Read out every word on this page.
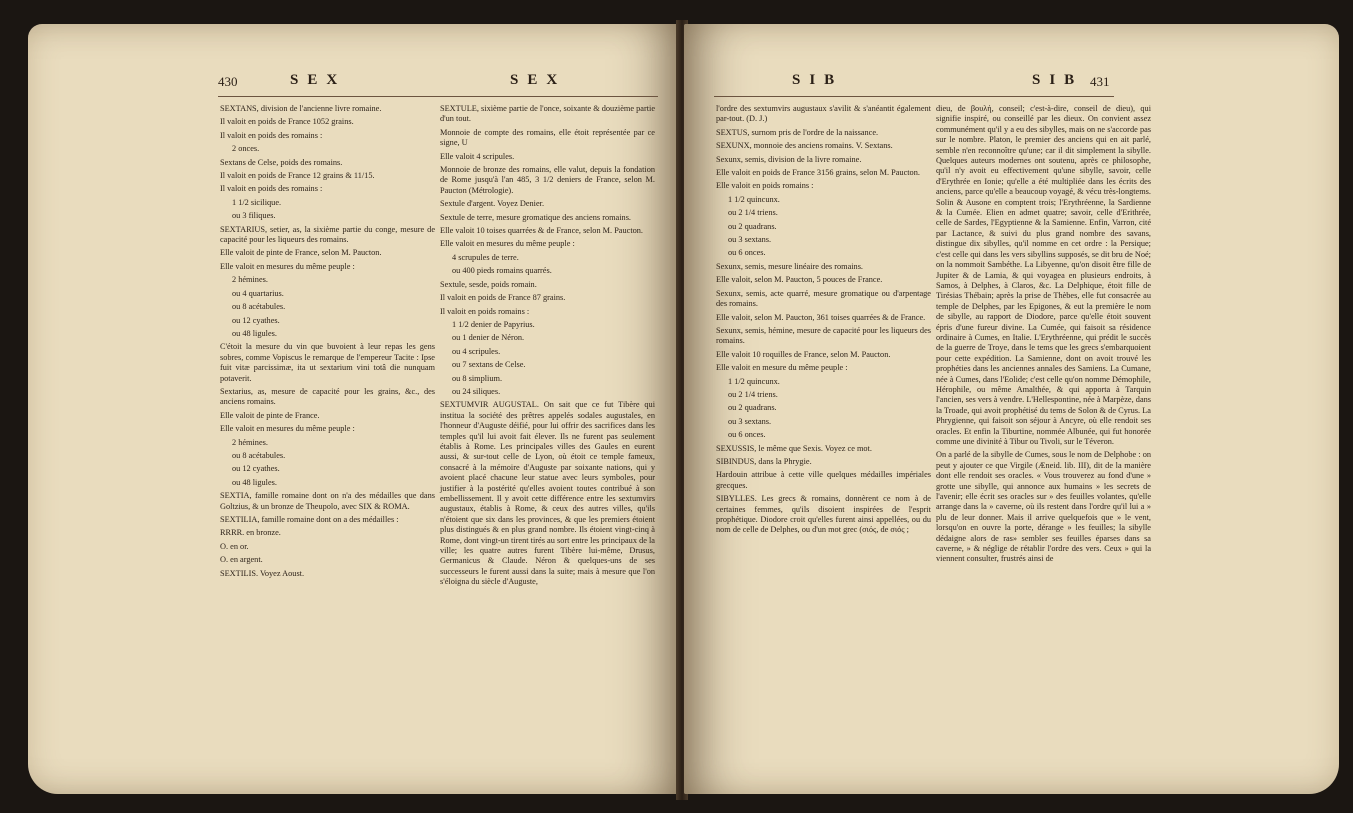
430	SEX	SEX

SEXTANS, division de l'ancienne livre romaine.

Il valoit en poids de France 1052 grains.

Il valoit en poids des romains :

2 onces.

Sextans de Celse, poids des romains.

Il valoit en poids de France 12 grains & 11/15.

Il valoit en poids des romains :

1 1/2 sicilique.

ou 3 filiques.

SEXTARIUS, setier, as, la sixième partie du conge, mesure de capacité pour les liqueurs des romains.

Elle valoit de pinte de France, selon M. Paucton.

Elle valoit en mesures du même peuple :

2 hémines.

ou 4 quartarius.

ou 8 acétabules.

ou 12 cyathes.

ou 48 ligules.

C'étoit la mesure du vin que buvoient à leur repas les gens sobres, comme Vopiscus le remarque de l'empereur Tacite : Ipse fuit vitæ parcissimæ, ita ut sextarium vini totâ die nunquam potaverit.

Sextarius, as, mesure de capacité pour les grains, &c., des anciens romains.

Elle valoit de pinte de France.

Elle valoit en mesures du même peuple :

2 hémines.

ou 8 acétabules.

ou 12 cyathes.

ou 48 ligules.

SEXTIA, famille romaine dont on n'a des médailles que dans Goltzius, & un bronze de Theupolo, avec SIX & ROMA.

SEXTILIA, famille romaine dont on a des médailles :

RRRR. en bronze.

O. en or.

O. en argent.

SEXTILIS. Voyez Aoust.

SEXTULE, sixième partie de l'once, soixante & douzième partie d'un tout.

Monnoie de compte des romains, elle étoit représentée par ce signe, U

Elle valoit 4 scripules.

Monnoie de bronze des romains, elle valut, depuis la fondation de Rome jusqu'à l'an 485, 3 1/2 deniers de France, selon M. Paucton (Métrologie).

Sextule d'argent. Voyez Denier.

Sextule de terre, mesure gromatique des anciens romains.

Elle valoit 10 toises quarrées & de France, selon M. Paucton.

Elle valoit en mesures du même peuple :

4 scrupules de terre.

ou 400 pieds romains quarrés.

Sextule, sesde, poids romain.

Il valoit en poids de France 87 grains.

Il valoit en poids romains :

1 1/2 denier de Papyrius.

ou 1 denier de Néron.

ou 4 scripules.

ou 7 sextans de Celse.

ou 8 simplium.

ou 24 siliques.

SEXTUMVIR AUGUSTAL. On sait que ce fut Tibère qui institua la société des prêtres appelés sodales augustales, en l'honneur d'Auguste déifié, pour lui offrir des sacrifices dans les temples qu'il lui avoit fait élever. Ils ne furent pas seulement établis à Rome. Les principales villes des Gaules en eurent aussi, & sur-tout celle de Lyon, où étoit ce temple fameux, consacré à la mémoire d'Auguste par soixante nations, qui y avoient placé chacune leur statue avec leurs symboles, pour justifier à la postérité qu'elles avoient toutes contribué à son embellissement. Il y avoit cette différence entre les sextumvirs augustaux, établis à Rome, & ceux des autres villes, qu'ils n'étoient que six dans les provinces, & que les premiers étoient plus distingués & en plus grand nombre. Ils étoient vingt-cinq à Rome, dont vingt-un tirent tirés au sort entre les principaux de la ville; les quatre autres furent Tibère lui-même, Drusus, Germanicus & Claude. Néron & quelques-uns de ses successeurs le furent aussi dans la suite; mais à mesure que l'on s'éloigna du siècle d'Auguste,

SIB	SIB 431

l'ordre des sextumvirs augustaux s'avilit & s'anéantit également par-tout. (D. J.)

SEXTUS, surnom pris de l'ordre de la naissance.

SEXUNX, monnoie des anciens romains. V. Sextans.

Sexunx, semis, division de la livre romaine.

Elle valoit en poids de France 3156 grains, selon M. Paucton.

Elle valoit en poids romains :

1 1/2 quincunx.

ou 2 1/4 triens.

ou 2 quadrans.

ou 3 sextans.

ou 6 onces.

Sexunx, semis, mesure linéaire des romains.

Elle valoit, selon M. Paucton, 5 pouces de France.

Sexunx, semis, acte quarré, mesure gromatique ou d'arpentage des romains.

Elle valoit, selon M. Paucton, 361 toises quarrées & de France.

Sexunx, semis, hémine, mesure de capacité pour les liqueurs des romains.

Elle valoit 10 roquilles de France, selon M. Paucton.

Elle valoit en mesure du même peuple :

1 1/2 quincunx.

ou 2 1/4 triens.

ou 2 quadrans.

ou 3 sextans.

ou 6 onces.

SEXUSSIS, le même que Sexis. Voyez ce mot.

SIBINDUS, dans la Phrygie.

Hardouin attribue à cette ville quelques médailles impériales grecques.

SIBYLLES. Les grecs & romains, donnèrent ce nom à de certaines femmes, qu'ils disoient inspirées de l'esprit prophétique. Diodore croit qu'elles furent ainsi appellées, ou du nom de celle de Delphes, ou d'un mot grec (σιός, de σιός ;

dieu, de βουλή, conseil; c'est-à-dire, conseil de dieu), qui signifie inspiré, ou conseillé par les dieux. On convient assez communément qu'il y a eu des sibylles, mais on ne s'accorde pas sur le nombre. Platon, le premier des anciens qui en ait parlé, semble n'en reconnoître qu'une; car il dit simplement la sibylle. Quelques auteurs modernes ont soutenu, après ce philosophe, qu'il n'y avoit eu effectivement qu'une sibylle, savoir, celle d'Erythrée en Ionie; qu'elle a été multipliée dans les écrits des anciens, parce qu'elle a beaucoup voyagé, & vécu très-longtems. Solin & Ausone en comptent trois; l'Erythréenne, la Sardienne & la Cumée. Elien en admet quatre; savoir, celle d'Erithrée, celle de Sardes, l'Egyptienne & la Samienne. Enfin, Varron, cité par Lactance, & suivi du plus grand nombre des savans, distingue dix sibylles, qu'il nomme en cet ordre : la Persique; c'est celle qui dans les vers sibyllins supposés, se dit bru de Noé; on la nommoit Sambéthe. La Libyenne, qu'on disoit être fille de Jupiter & de Lamia, & qui voyagea en plusieurs endroits, à Samos, à Delphes, à Claros, &c. La Delphique, étoit fille de Tirésias Thébain; après la prise de Thèbes, elle fut consacrée au temple de Delphes, par les Epigones, & eut la première le nom de sibylle, au rapport de Diodore, parce qu'elle étoit souvent épris d'une fureur divine. La Cumée, qui faisoit sa résidence ordinaire à Cumes, en Italie. L'Erythréenne, qui prédit le succès de la guerre de Troye, dans le tems que les grecs s'embarquoient pour cette expédition. La Samienne, dont on avoit trouvé les prophéties dans les anciennes annales des Samiens. La Cumane, née à Cumes, dans l'Eolide; c'est celle qu'on nomme Démophile, Hérophile, ou même Amalthée, & qui apporta à Tarquin l'ancien, ses vers à vendre. L'Hellespontine, née à Marpèze, dans la Troade, qui avoit prophétisé du tems de Solon & de Cyrus. La Phrygienne, qui faisoit son séjour à Ancyre, où elle rendoit ses oracles. Et enfin la Tiburtine, nommée Albunée, qui fut honorée comme une divinité à Tibur ou Tivoli, sur le Téveron.

On a parlé de la sibylle de Cumes, sous le nom de Delphobe : on peut y ajouter ce que Virgile (Æneid. lib. III), dit de la manière dont elle rendoit ses oracles. « Vous trouverez au fond d'une » grotte une sibylle, qui annonce aux humains » les secrets de l'avenir; elle écrit ses oracles sur » des feuilles volantes, qu'elle arrange dans la » caverne, où ils restent dans l'ordre qu'il lui a » plu de leur donner. Mais il arrive quelquefois que » le vent, lorsqu'on en ouvre la porte, dérange » les feuilles; la sibylle dédaigne alors de ras» sembler ses feuilles éparses dans sa caverne, » & néglige de rétablir l'ordre des vers. Ceux » qui la viennent consulter, frustrés ainsi de
